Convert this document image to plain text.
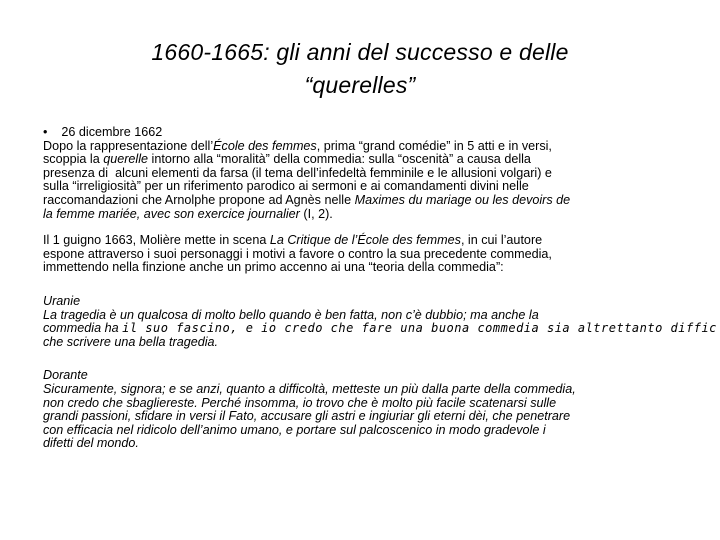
1660-1665: gli anni del successo e delle
“querelles”
• 26 dicembre 1662
Dopo la rappresentazione dell’École des femmes, prima “grand comédie” in 5 atti e in versi,
scoppia la querelle intorno alla “moralità” della commedia: sulla “oscenità” a causa della
presenza di  alcuni elementi da farsa (il tema dell’infedeltà femminile e le allusioni volgari) e
sulla “irreligiosità” per un riferimento parodico ai sermoni e ai comandamenti divini nelle
raccomandazioni che Arnolphe propone ad Agnès nelle Maximes du mariage ou les devoirs de
la femme mariée, avec son exercice journalier (I, 2).
Il 1 guigno 1663, Molière mette in scena La Critique de l’École des femmes, in cui l’autore
espone attraverso i suoi personaggi i motivi a favore o contro la sua precedente commedia,
immettendo nella finzione anche un primo accenno ai una “teoria della commedia”:
Uranie
La tragedia è un qualcosa di molto bello quando è ben fatta, non c’è dubbio; ma anche la
commedia ha il suo fascino, e io credo che fare una buona commedia sia altrettanto diffic
che scrivere una bella tragedia.
Dorante
Sicuramente, signora; e se anzi, quanto a difficoltà, metteste un più dalla parte della commedia,
non credo che sbagliereste. Perché insomma, io trovo che è molto più facile scatenarsi sulle
grandi passioni, sfidare in versi il Fato, accusare gli astri e ingiuriar gli eterni dèi, che penetrare
con efficacia nel ridicolo dell’animo umano, e portare sul palcoscenico in modo gradevole i
difetti del mondo.
